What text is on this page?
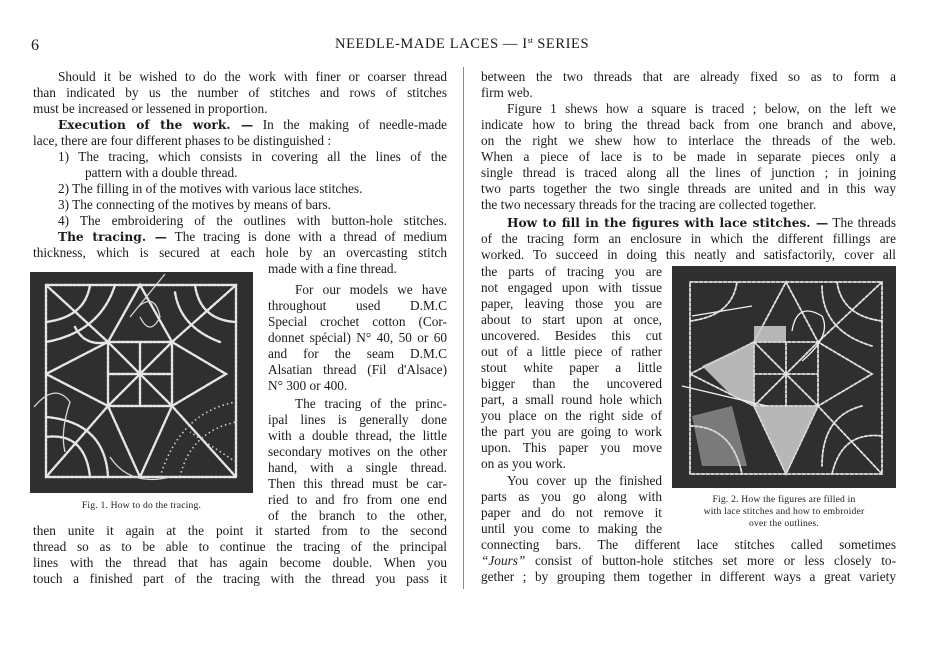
6	NEEDLE-MADE LACES — Ist SERIES
Should it be wished to do the work with finer or coarser thread
than indicated by us the number of stitches and rows of stitches
must be increased or lessened in proportion.
Execution of the work. — In the making of needle-made
lace, there are four different phases to be distinguished :
1) The tracing, which consists in covering all the lines of the
pattern with a double thread.
2) The filling in of the motives with various lace stitches.
3) The connecting of the motives by means of bars.
4) The embroidering of the outlines with button-hole stitches.
The tracing. — The tracing is done with a thread of medium
thickness, which is secured at each hole by an overcasting stitch
made with a fine thread.
For our models we have
throughout used D.M.C
Special crochet cotton (Cor-
donnet spécial) N° 40, 50 or 60
and for the seam D.M.C
Alsatian thread (Fil d'Alsace)
N° 300 or 400.
The tracing of the princ-
ipal lines is generally done
with a double thread, the little
secondary motives on the other
hand, with a single thread.
Then this thread must be car-
ried to and fro from one end
of the branch to the other,
then unite it again at the point it started from to the second
thread so as to be able to continue the tracing of the principal
lines with the thread that has again become double. When you
touch a finished part of the tracing with the thread you pass it
Fig. 1. How to do the tracing.
between the two threads that are already fixed so as to form a
firm web.
Figure 1 shews how a square is traced ; below, on the left we
indicate how to bring the thread back from one branch and above,
on the right we shew how to interlace the threads of the web.
When a piece of lace is to be made in separate pieces only a
single thread is traced along all the lines of junction ; in joining
two parts together the two single threads are united and in this way
the two necessary threads for the tracing are collected together.
How to fill in the figures with lace stitches. — The threads
of the tracing form an enclosure in which the different fillings are
worked. To succeed in doing this neatly and satisfactorily, cover all
the parts of tracing you are
not engaged upon with tissue
paper, leaving those you are
about to start upon at once,
uncovered. Besides this cut
out of a little piece of rather
stout white paper a little
bigger than the uncovered
part, a small round hole which
you place on the right side of
the part you are going to work
upon. This paper you move
on as you work.
You cover up the finished
parts as you go along with
paper and do not remove it
until you come to making the
connecting bars. The different lace stitches called sometimes
“Jours” consist of button-hole stitches set more or less closely to-
gether ; by grouping them together in different ways a great variety
Fig. 2. How the figures are filled in
with lace stitches and how to embroider
over the outlines.
